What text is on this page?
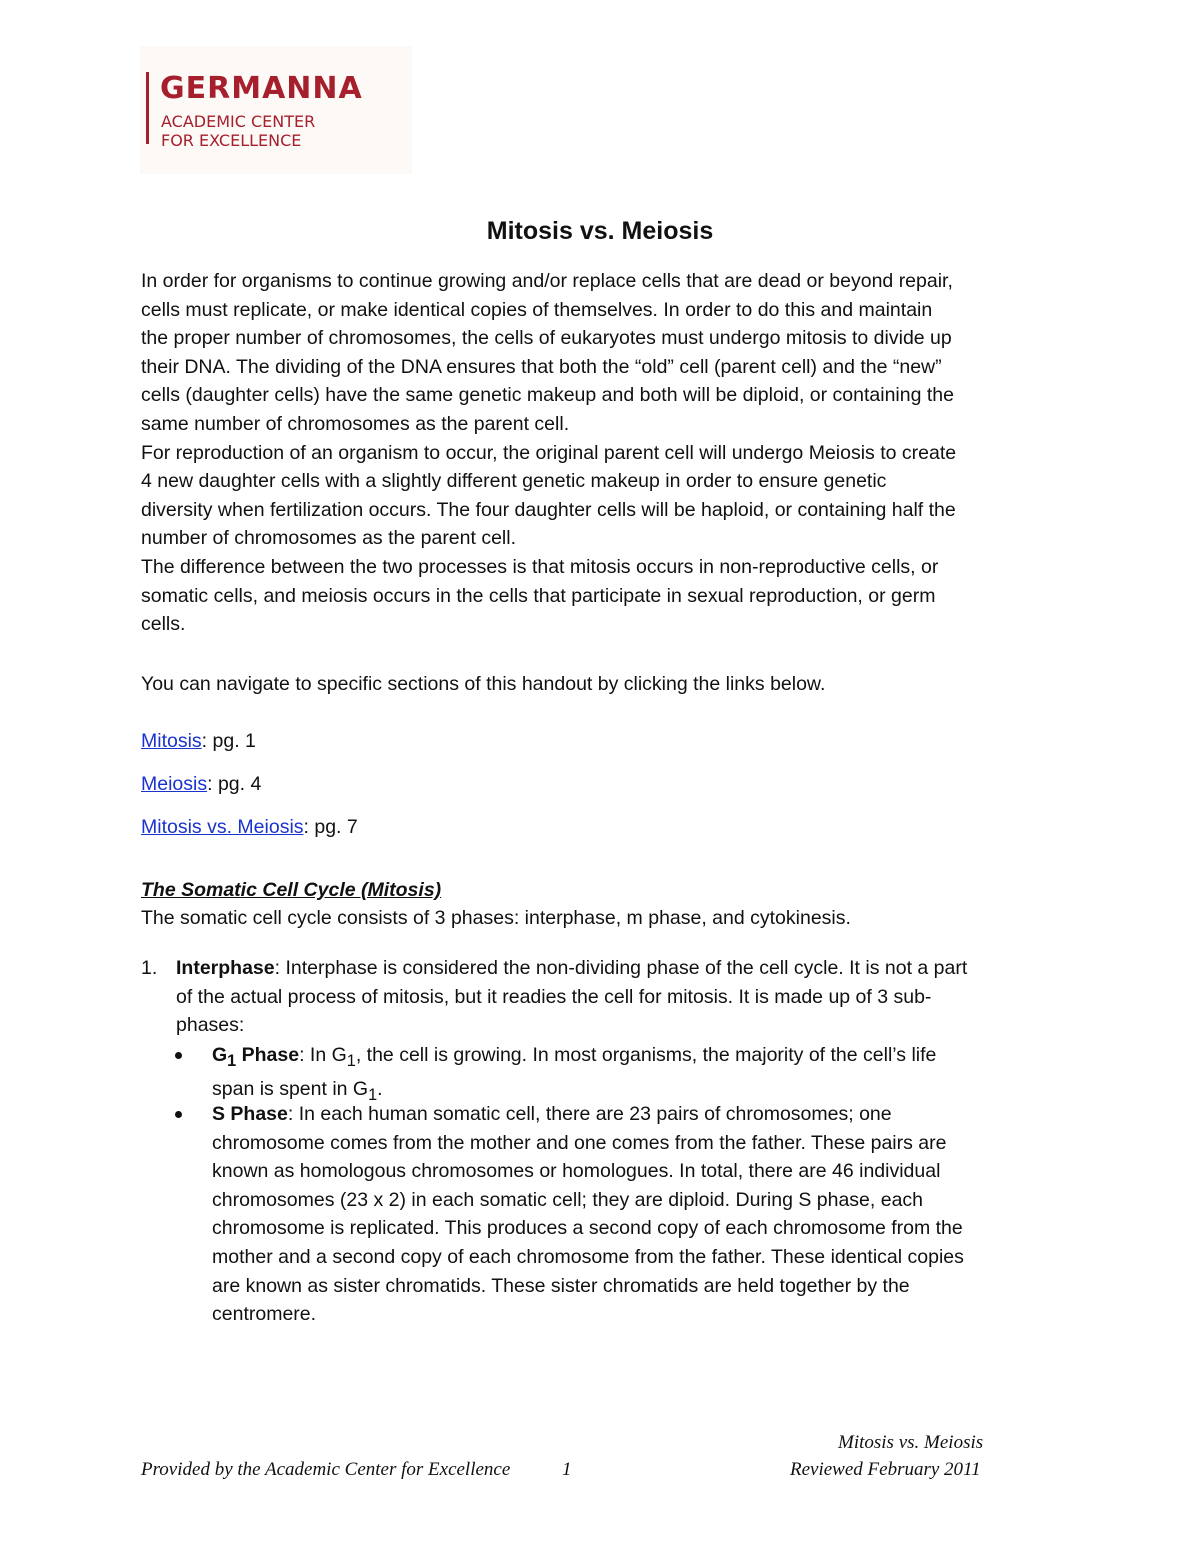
GERMANNA
ACADEMIC CENTER
FOR EXCELLENCE
Mitosis vs. Meiosis
In order for organisms to continue growing and/or replace cells that are dead or beyond repair,
cells must replicate, or make identical copies of themselves. In order to do this and maintain
the proper number of chromosomes, the cells of eukaryotes must undergo mitosis to divide up
their DNA. The dividing of the DNA ensures that both the “old” cell (parent cell) and the “new”
cells (daughter cells) have the same genetic makeup and both will be diploid, or containing the
same number of chromosomes as the parent cell.
For reproduction of an organism to occur, the original parent cell will undergo Meiosis to create
4 new daughter cells with a slightly different genetic makeup in order to ensure genetic
diversity when fertilization occurs. The four daughter cells will be haploid, or containing half the
number of chromosomes as the parent cell.
The difference between the two processes is that mitosis occurs in non-reproductive cells, or
somatic cells, and meiosis occurs in the cells that participate in sexual reproduction, or germ
cells.
You can navigate to specific sections of this handout by clicking the links below.
Mitosis: pg. 1
Meiosis: pg. 4
Mitosis vs. Meiosis: pg. 7
The Somatic Cell Cycle (Mitosis)
The somatic cell cycle consists of 3 phases: interphase, m phase, and cytokinesis.
1. Interphase: Interphase is considered the non-dividing phase of the cell cycle. It is not a part
of the actual process of mitosis, but it readies the cell for mitosis. It is made up of 3 sub-
phases:
$G_1$ Phase: In $G_1$, the cell is growing. In most organisms, the majority of the cell’s life
span is spent in $G_1$.
S Phase: In each human somatic cell, there are 23 pairs of chromosomes; one
chromosome comes from the mother and one comes from the father. These pairs are
known as homologous chromosomes or homologues. In total, there are 46 individual
chromosomes (23 x 2) in each somatic cell; they are diploid. During S phase, each
chromosome is replicated. This produces a second copy of each chromosome from the
mother and a second copy of each chromosome from the father. These identical copies
are known as sister chromatids. These sister chromatids are held together by the
centromere.
Mitosis vs. Meiosis
Provided by the Academic Center for Excellence	1	Reviewed February 2011
